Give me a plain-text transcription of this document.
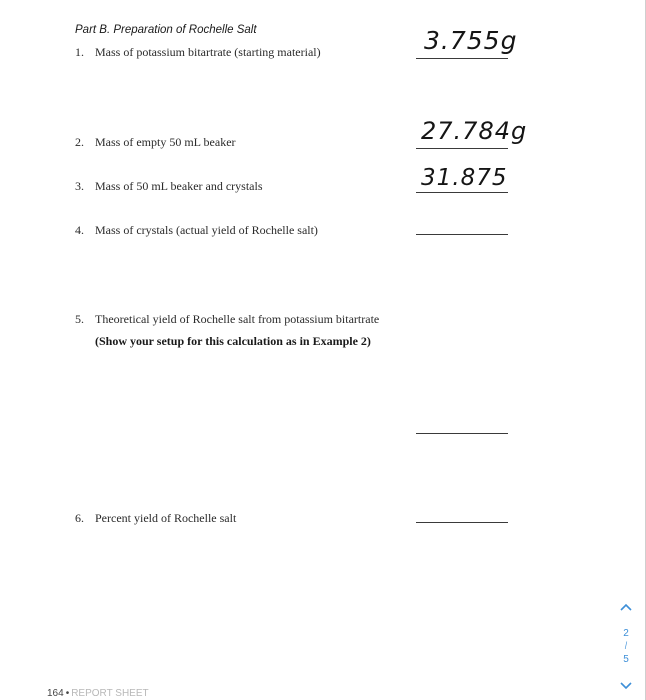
Part B. Preparation of Rochelle Salt
1. Mass of potassium bitartrate (starting material)	3.755g
2. Mass of empty 50 mL beaker	27.784g
3. Mass of 50 mL beaker and crystals	31.875
4. Mass of crystals (actual yield of Rochelle salt)
5. Theoretical yield of Rochelle salt from potassium bitartrate
(Show your setup for this calculation as in Example 2)
6. Percent yield of Rochelle salt
164 • REPORT SHEET
2
/
5
